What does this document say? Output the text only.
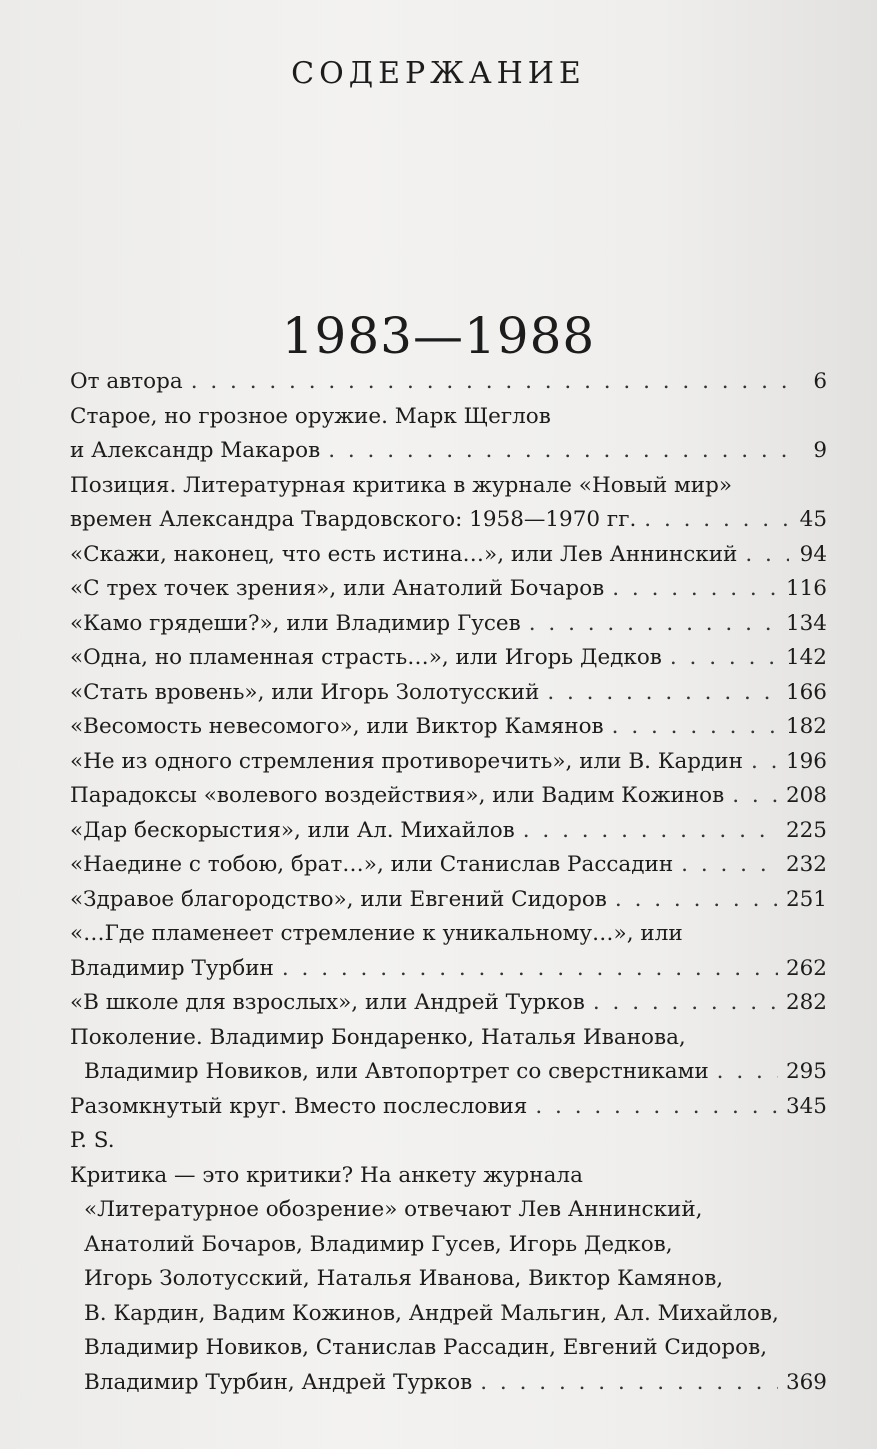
СОДЕРЖАНИЕ
1983—1988
От автора . . .	6
Старое, но грозное оружие. Марк Щеглов
и Александр Макаров . . .	9
Позиция. Литературная критика в журнале «Новый мир»
времен Александра Твардовского: 1958—1970 гг. . . .	45
«Скажи, наконец, что есть истина…», или Лев Аннинский . . .	94
«С трех точек зрения», или Анатолий Бочаров . . .	116
«Камо грядеши?», или Владимир Гусев . . .	134
«Одна, но пламенная страсть…», или Игорь Дедков . . .	142
«Стать вровень», или Игорь Золотусский . . .	166
«Весомость невесомого», или Виктор Камянов . . .	182
«Не из одного стремления противоречить», или В. Кардин . . . 196
Парадоксы «волевого воздействия», или Вадим Кожинов . . .	208
«Дар бескорыстия», или Ал. Михайлов . . .	225
«Наедине с тобою, брат…», или Станислав Рассадин . . .	232
«Здравое благородство», или Евгений Сидоров . . .	251
«…Где пламенеет стремление к уникальному…», или
Владимир Турбин . . .	262
«В школе для взрослых», или Андрей Турков . . .	282
Поколение. Владимир Бондаренко, Наталья Иванова,
Владимир Новиков, или Автопортрет со сверстниками . . .	295
Разомкнутый круг. Вместо послесловия . . .	345
P. S.
Критика — это критики? На анкету журнала
«Литературное обозрение» отвечают Лев Аннинский,
Анатолий Бочаров, Владимир Гусев, Игорь Дедков,
Игорь Золотусский, Наталья Иванова, Виктор Камянов,
В. Кардин, Вадим Кожинов, Андрей Мальгин, Ал. Михайлов,
Владимир Новиков, Станислав Рассадин, Евгений Сидоров,
Владимир Турбин, Андрей Турков . . .	369
